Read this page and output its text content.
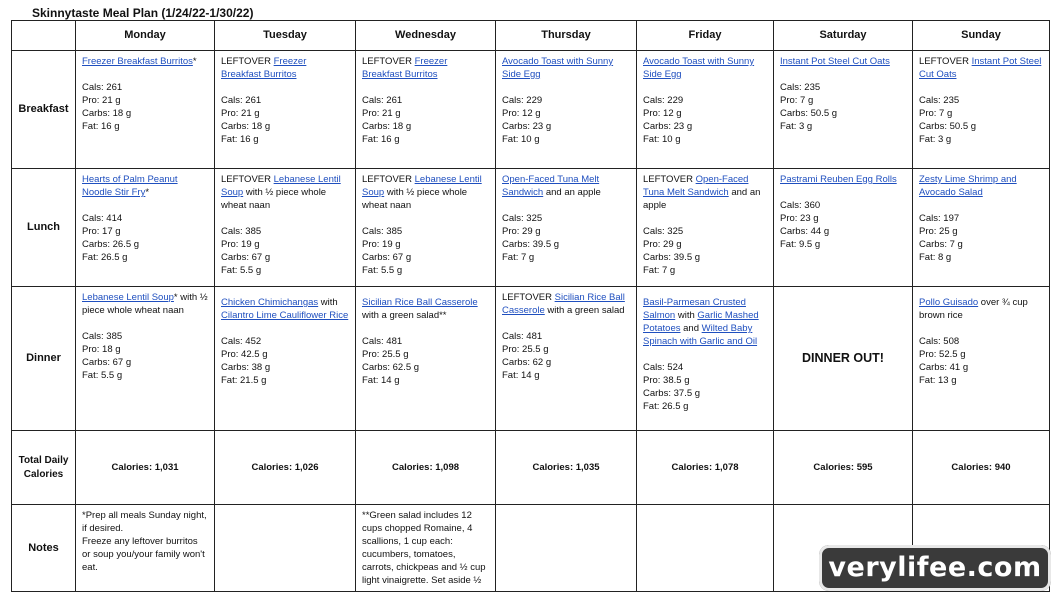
Skinnytaste Meal Plan (1/24/22-1/30/22)
	Monday	Tuesday	Wednesday	Thursday	Friday	Saturday	Sunday
Breakfast	Freezer Breakfast Burritos*
Cals: 261
Pro: 21 g
Carbs: 18 g
Fat: 16 g	LEFTOVER Freezer Breakfast Burritos
Cals: 261
Pro: 21 g
Carbs: 18 g
Fat: 16 g	LEFTOVER Freezer Breakfast Burritos
Cals: 261
Pro: 21 g
Carbs: 18 g
Fat: 16 g	Avocado Toast with Sunny Side Egg
Cals: 229
Pro: 12 g
Carbs: 23 g
Fat: 10 g	Avocado Toast with Sunny Side Egg
Cals: 229
Pro: 12 g
Carbs: 23 g
Fat: 10 g	Instant Pot Steel Cut Oats
Cals: 235
Pro: 7 g
Carbs: 50.5 g
Fat: 3 g	LEFTOVER Instant Pot Steel Cut Oats
Cals: 235
Pro: 7 g
Carbs: 50.5 g
Fat: 3 g

Lunch	Hearts of Palm Peanut Noodle Stir Fry*
Cals: 414
Pro: 17 g
Carbs: 26.5 g
Fat: 26.5 g	LEFTOVER Lebanese Lentil Soup with ½ piece whole wheat naan
Cals: 385
Pro: 19 g
Carbs: 67 g
Fat: 5.5 g	LEFTOVER Lebanese Lentil Soup with ½ piece whole wheat naan
Cals: 385
Pro: 19 g
Carbs: 67 g
Fat: 5.5 g	Open-Faced Tuna Melt Sandwich and an apple
Cals: 325
Pro: 29 g
Carbs: 39.5 g
Fat: 7 g	LEFTOVER Open-Faced Tuna Melt Sandwich and an apple
Cals: 325
Pro: 29 g
Carbs: 39.5 g
Fat: 7 g	Pastrami Reuben Egg Rolls
Cals: 360
Pro: 23 g
Carbs: 44 g
Fat: 9.5 g	Zesty Lime Shrimp and Avocado Salad
Cals: 197
Pro: 25 g
Carbs: 7 g
Fat: 8 g

Dinner	Lebanese Lentil Soup* with ½ piece whole wheat naan
Cals: 385
Pro: 18 g
Carbs: 67 g
Fat: 5.5 g	Chicken Chimichangas with Cilantro Lime Cauliflower Rice
Cals: 452
Pro: 42.5 g
Carbs: 38 g
Fat: 21.5 g	Sicilian Rice Ball Casserole with a green salad**
Cals: 481
Pro: 25.5 g
Carbs: 62.5 g
Fat: 14 g	LEFTOVER Sicilian Rice Ball Casserole with a green salad
Cals: 481
Pro: 25.5 g
Carbs: 62 g
Fat: 14 g	Basil-Parmesan Crusted Salmon with Garlic Mashed Potatoes and Wilted Baby Spinach with Garlic and Oil
Cals: 524
Pro: 38.5 g
Carbs: 37.5 g
Fat: 26.5 g	DINNER OUT!	Pollo Guisado over ¾ cup brown rice
Cals: 508
Pro: 52.5 g
Carbs: 41 g
Fat: 13 g

Total Daily Calories	Calories: 1,031	Calories: 1,026	Calories: 1,098	Calories: 1,035	Calories: 1,078	Calories: 595	Calories: 940
Notes	*Prep all meals Sunday night, if desired.
Freeze any leftover burritos or soup you/your family won't eat.		**Green salad includes 12 cups chopped Romaine, 4 scallions, 1 cup each: cucumbers, tomatoes, carrots, chickpeas and ½ cup light vinaigrette. Set aside ½					verylifee.com
